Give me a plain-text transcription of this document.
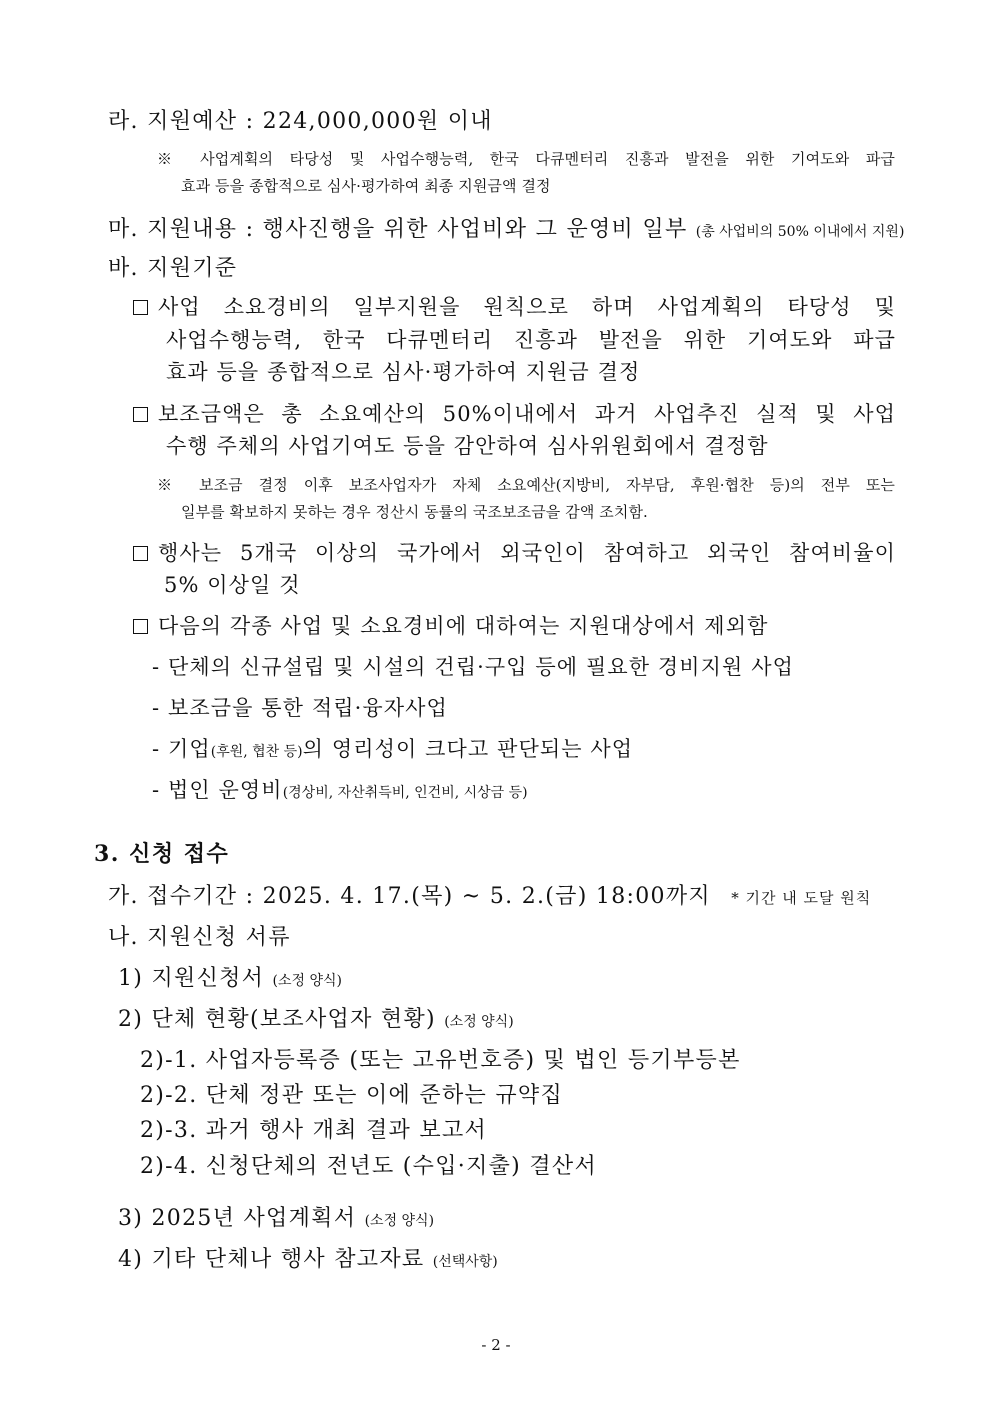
라. 지원예산 : 224,000,000원 이내
※ 사업계획의 타당성 및 사업수행능력, 한국 다큐멘터리 진흥과 발전을 위한 기여도와 파급
효과 등을 종합적으로 심사·평가하여 최종 지원금액 결정
마. 지원내용 : 행사진행을 위한 사업비와 그 운영비 일부 (총 사업비의 50% 이내에서 지원)
바. 지원기준
사업 소요경비의 일부지원을 원칙으로 하며 사업계획의 타당성 및
사업수행능력, 한국 다큐멘터리 진흥과 발전을 위한 기여도와 파급
효과 등을 종합적으로 심사·평가하여 지원금 결정
보조금액은 총 소요예산의 50%이내에서 과거 사업추진 실적 및 사업
수행 주체의 사업기여도 등을 감안하여 심사위원회에서 결정함
※ 보조금 결정 이후 보조사업자가 자체 소요예산(지방비, 자부담, 후원·협찬 등)의 전부 또는
일부를 확보하지 못하는 경우 정산시 동률의 국조보조금을 감액 조치함.
행사는 5개국 이상의 국가에서 외국인이 참여하고 외국인 참여비율이
5% 이상일 것
다음의 각종 사업 및 소요경비에 대하여는 지원대상에서 제외함
- 단체의 신규설립 및 시설의 건립·구입 등에 필요한 경비지원 사업
- 보조금을 통한 적립·융자사업
- 기업(후원, 협찬 등)의 영리성이 크다고 판단되는 사업
- 법인 운영비(경상비, 자산취득비, 인건비, 시상금 등)
3. 신청 접수
가. 접수기간 : 2025. 4. 17.(목) ~ 5. 2.(금) 18:00까지 * 기간 내 도달 원칙
나. 지원신청 서류
1) 지원신청서 (소정 양식)
2) 단체 현황(보조사업자 현황) (소정 양식)
2)-1. 사업자등록증 (또는 고유번호증) 및 법인 등기부등본
2)-2. 단체 정관 또는 이에 준하는 규약집
2)-3. 과거 행사 개최 결과 보고서
2)-4. 신청단체의 전년도 (수입·지출) 결산서
3) 2025년 사업계획서 (소정 양식)
4) 기타 단체나 행사 참고자료 (선택사항)
- 2 -
